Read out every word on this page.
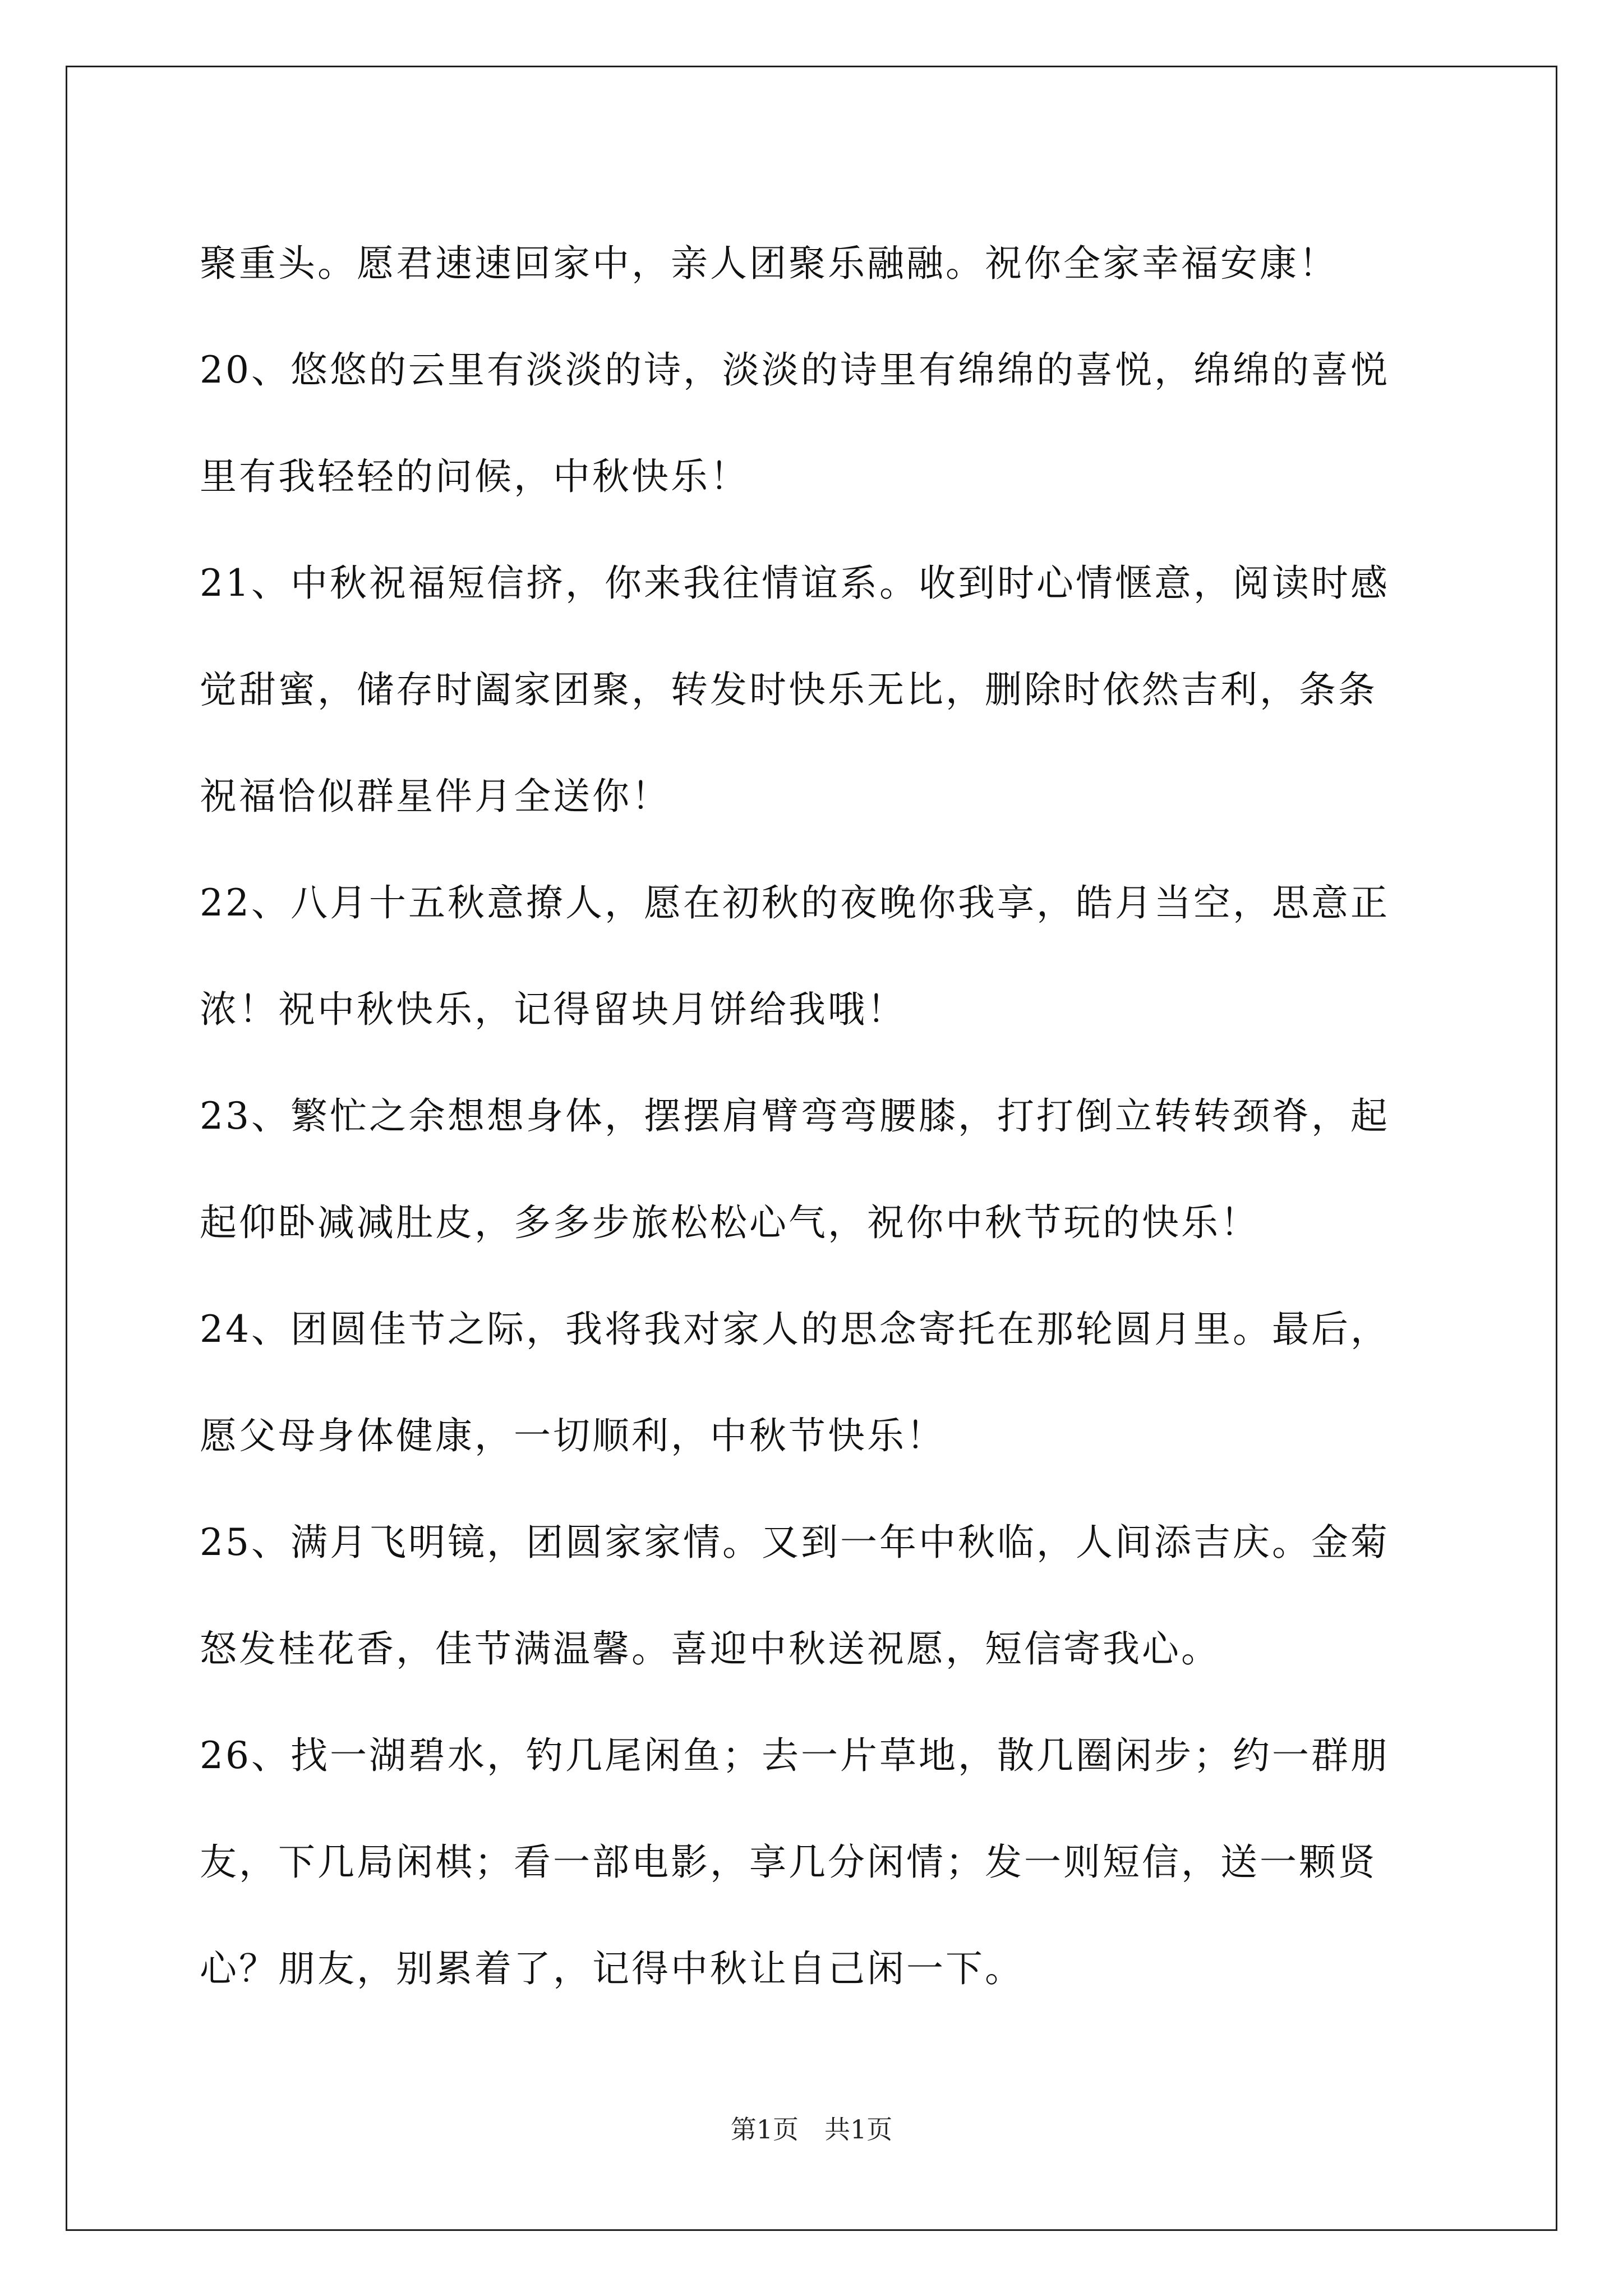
聚重头。愿君速速回家中，亲人团聚乐融融。祝你全家幸福安康！
20、悠悠的云里有淡淡的诗，淡淡的诗里有绵绵的喜悦，绵绵的喜悦
里有我轻轻的问候，中秋快乐！
21、中秋祝福短信挤，你来我往情谊系。收到时心情惬意，阅读时感
觉甜蜜，储存时阖家团聚，转发时快乐无比，删除时依然吉利，条条
祝福恰似群星伴月全送你！
22、八月十五秋意撩人，愿在初秋的夜晚你我享，皓月当空，思意正
浓！祝中秋快乐，记得留块月饼给我哦！
23、繁忙之余想想身体，摆摆肩臂弯弯腰膝，打打倒立转转颈脊，起
起仰卧减减肚皮，多多步旅松松心气，祝你中秋节玩的快乐！
24、团圆佳节之际，我将我对家人的思念寄托在那轮圆月里。最后，
愿父母身体健康，一切顺利，中秋节快乐！
25、满月飞明镜，团圆家家情。又到一年中秋临，人间添吉庆。金菊
怒发桂花香，佳节满温馨。喜迎中秋送祝愿，短信寄我心。
26、找一湖碧水，钓几尾闲鱼；去一片草地，散几圈闲步；约一群朋
友，下几局闲棋；看一部电影，享几分闲情；发一则短信，送一颗贤
心？朋友，别累着了，记得中秋让自己闲一下。
第1页　共1页
